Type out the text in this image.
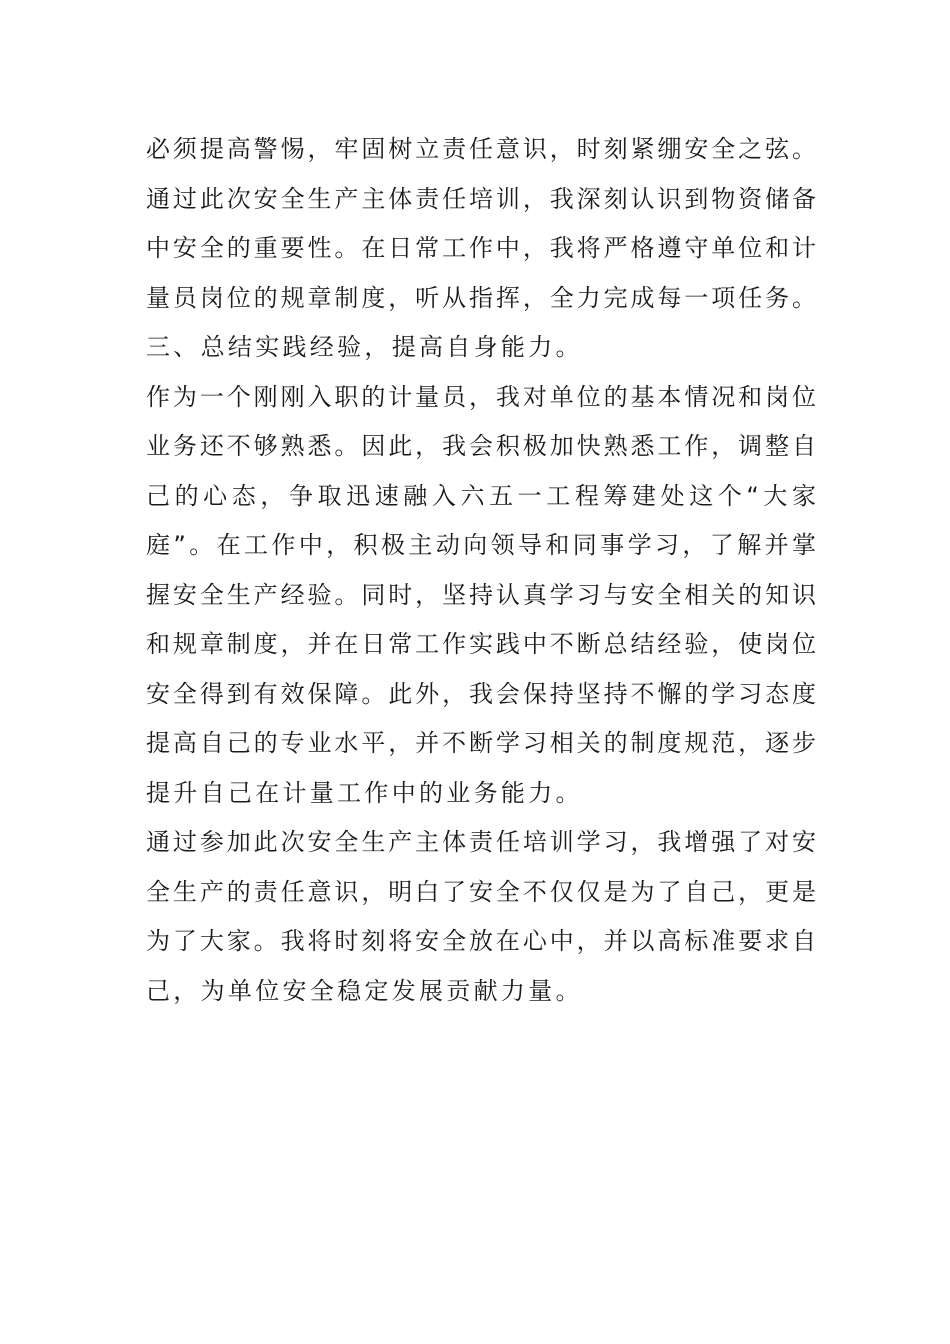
必须提高警惕，牢固树立责任意识，时刻紧绷安全之弦。
通过此次安全生产主体责任培训，我深刻认识到物资储备
中安全的重要性。在日常工作中，我将严格遵守单位和计
量员岗位的规章制度，听从指挥，全力完成每一项任务。
三、总结实践经验，提高自身能力。
作为一个刚刚入职的计量员，我对单位的基本情况和岗位
业务还不够熟悉。因此，我会积极加快熟悉工作，调整自
己的心态，争取迅速融入六五一工程筹建处这个“大家
庭”。在工作中，积极主动向领导和同事学习，了解并掌
握安全生产经验。同时，坚持认真学习与安全相关的知识
和规章制度，并在日常工作实践中不断总结经验，使岗位
安全得到有效保障。此外，我会保持坚持不懈的学习态度
提高自己的专业水平，并不断学习相关的制度规范，逐步
提升自己在计量工作中的业务能力。
通过参加此次安全生产主体责任培训学习，我增强了对安
全生产的责任意识，明白了安全不仅仅是为了自己，更是
为了大家。我将时刻将安全放在心中，并以高标准要求自
己，为单位安全稳定发展贡献力量。
